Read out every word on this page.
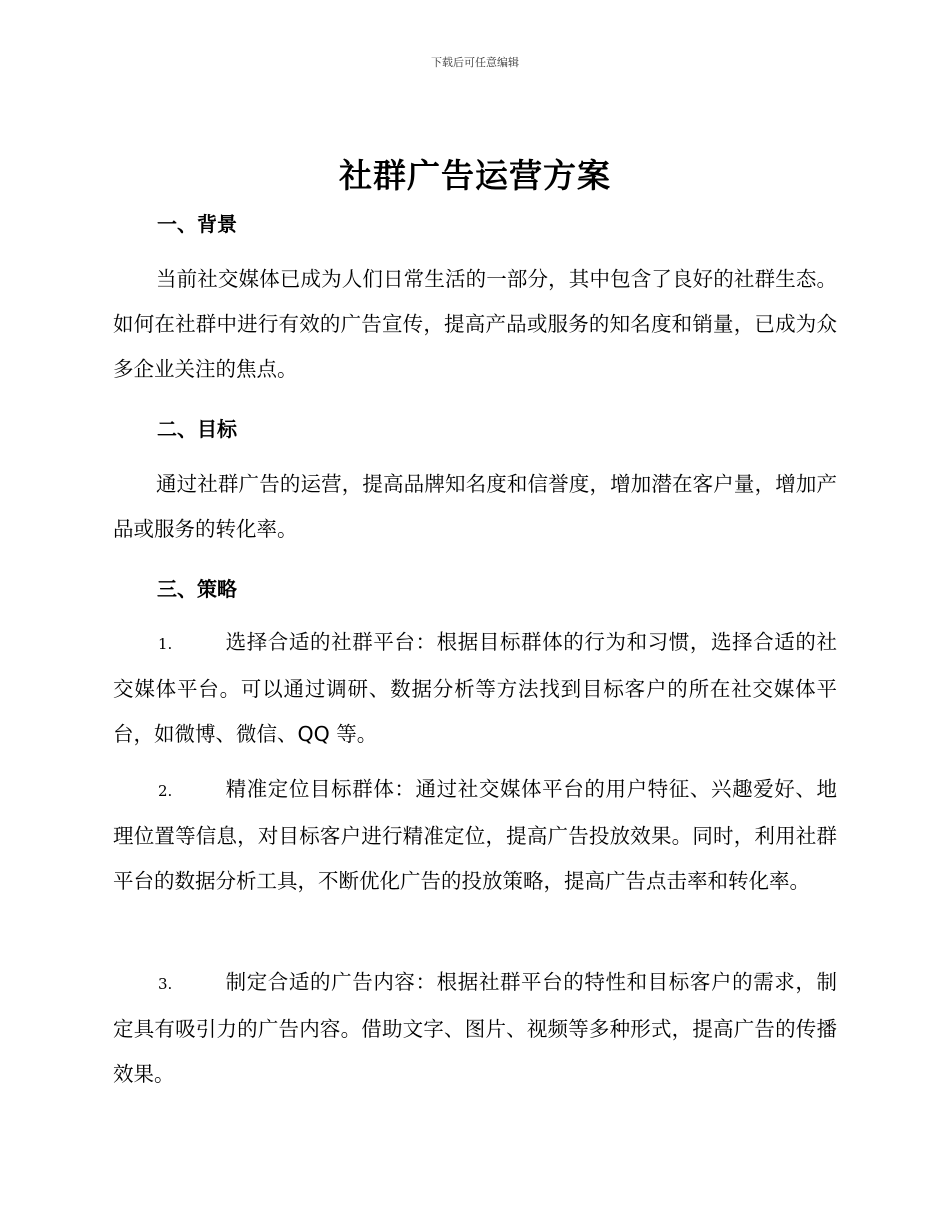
下载后可任意编辑
社群广告运营方案
一、背景
当前社交媒体已成为人们日常生活的一部分，其中包含了良好的社群生态。如何在社群中进行有效的广告宣传，提高产品或服务的知名度和销量，已成为众多企业关注的焦点。
二、目标
通过社群广告的运营，提高品牌知名度和信誉度，增加潜在客户量，增加产品或服务的转化率。
三、策略
1.	选择合适的社群平台：根据目标群体的行为和习惯，选择合适的社交媒体平台。可以通过调研、数据分析等方法找到目标客户的所在社交媒体平台，如微博、微信、QQ 等。
2.	精准定位目标群体：通过社交媒体平台的用户特征、兴趣爱好、地理位置等信息，对目标客户进行精准定位，提高广告投放效果。同时，利用社群平台的数据分析工具，不断优化广告的投放策略，提高广告点击率和转化率。
3.	制定合适的广告内容：根据社群平台的特性和目标客户的需求，制定具有吸引力的广告内容。借助文字、图片、视频等多种形式，提高广告的传播效果。
